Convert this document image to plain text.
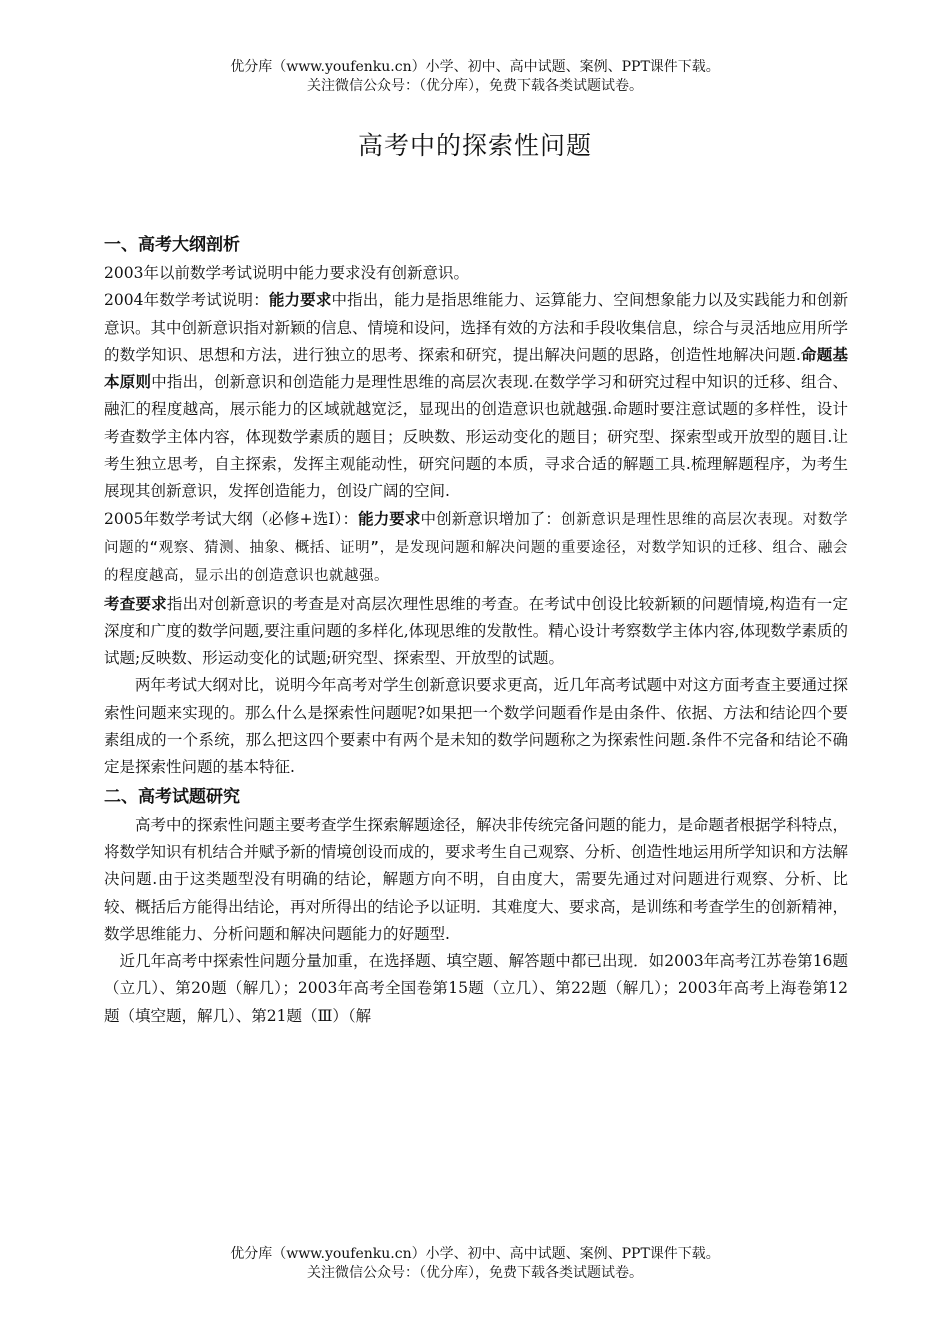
优分库（www.youfenku.cn）小学、初中、高中试题、案例、PPT课件下载。
关注微信公众号：（优分库），免费下载各类试题试卷。
高考中的探索性问题
一、高考大纲剖析

2003年以前数学考试说明中能力要求没有创新意识。

2004年数学考试说明：能力要求中指出，能力是指思维能力、运算能力、空间想象能力以及实践能力和创新意识。其中创新意识指对新颖的信息、情境和设问，选择有效的方法和手段收集信息，综合与灵活地应用所学的数学知识、思想和方法，进行独立的思考、探索和研究，提出解决问题的思路，创造性地解决问题.命题基本原则中指出，创新意识和创造能力是理性思维的高层次表现.在数学学习和研究过程中知识的迁移、组合、融汇的程度越高，展示能力的区域就越宽泛，显现出的创造意识也就越强.命题时要注意试题的多样性，设计考查数学主体内容，体现数学素质的题目；反映数、形运动变化的题目；研究型、探索型或开放型的题目.让考生独立思考，自主探索，发挥主观能动性，研究问题的本质，寻求合适的解题工具.梳理解题程序，为考生展现其创新意识，发挥创造能力，创设广阔的空间.

2005年数学考试大纲（必修+选Ⅰ）：能力要求中创新意识增加了：创新意识是理性思维的高层次表现。对数学问题的“观察、猜测、抽象、概括、证明”，是发现问题和解决问题的重要途径，对数学知识的迁移、组合、融会的程度越高，显示出的创造意识也就越强。

考查要求指出对创新意识的考查是对高层次理性思维的考查。在考试中创设比较新颖的问题情境,构造有一定深度和广度的数学问题,要注重问题的多样化,体现思维的发散性。精心设计考察数学主体内容,体现数学素质的试题;反映数、形运动变化的试题;研究型、探索型、开放型的试题。

两年考试大纲对比，说明今年高考对学生创新意识要求更高，近几年高考试题中对这方面考查主要通过探索性问题来实现的。那么什么是探索性问题呢?如果把一个数学问题看作是由条件、依据、方法和结论四个要素组成的一个系统，那么把这四个要素中有两个是未知的数学问题称之为探索性问题.条件不完备和结论不确定是探索性问题的基本特征.

二、高考试题研究

高考中的探索性问题主要考查学生探索解题途径，解决非传统完备问题的能力，是命题者根据学科特点，将数学知识有机结合并赋予新的情境创设而成的，要求考生自己观察、分析、创造性地运用所学知识和方法解决问题.由于这类题型没有明确的结论，解题方向不明，自由度大，需要先通过对问题进行观察、分析、比较、概括后方能得出结论，再对所得出的结论予以证明．其难度大、要求高，是训练和考查学生的创新精神，数学思维能力、分析问题和解决问题能力的好题型.

近几年高考中探索性问题分量加重，在选择题、填空题、解答题中都已出现．如2003年高考江苏卷第16题（立几）、第20题（解几）；2003年高考全国卷第15题（立几）、第22题（解几）；2003年高考上海卷第12题（填空题，解几）、第21题（Ⅲ）（解

优分库（www.youfenku.cn）小学、初中、高中试题、案例、PPT课件下载。
关注微信公众号：（优分库），免费下载各类试题试卷。
